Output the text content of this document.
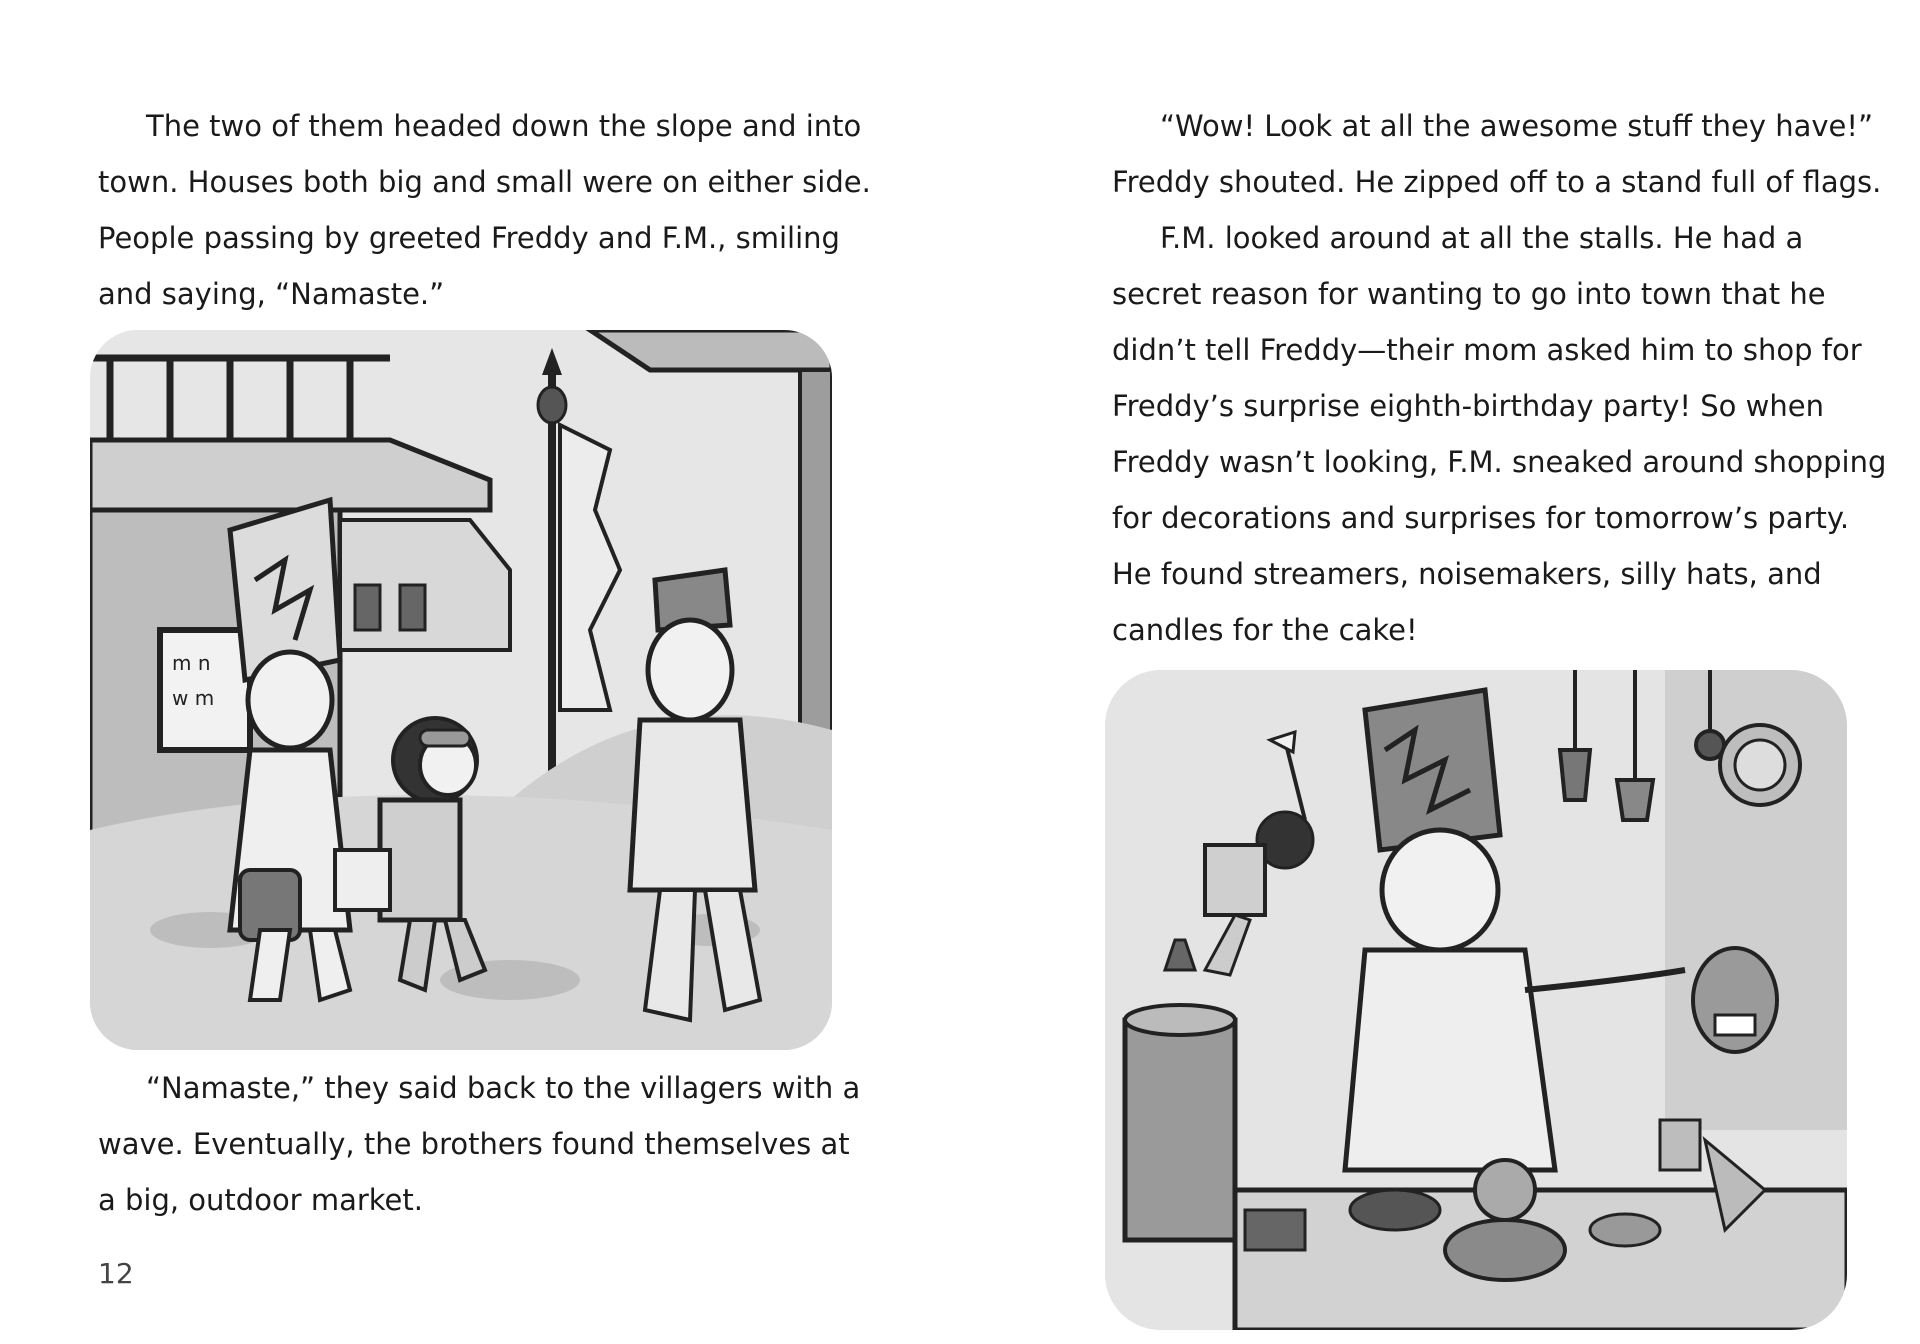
The two of them headed down the slope and into
town. Houses both big and small were on either side.
People passing by greeted Freddy and F.M., smiling
and saying, “Namaste.”

m n
w m

“Namaste,” they said back to the villagers with a
wave. Eventually, the brothers found themselves at
a big, outdoor market.

12

“Wow! Look at all the awesome stuff they have!”
Freddy shouted. He zipped off to a stand full of flags.

F.M. looked around at all the stalls. He had a
secret reason for wanting to go into town that he
didn’t tell Freddy—their mom asked him to shop for
Freddy’s surprise eighth-birthday party! So when
Freddy wasn’t looking, F.M. sneaked around shopping
for decorations and surprises for tomorrow’s party.
He found streamers, noisemakers, silly hats, and
candles for the cake!
